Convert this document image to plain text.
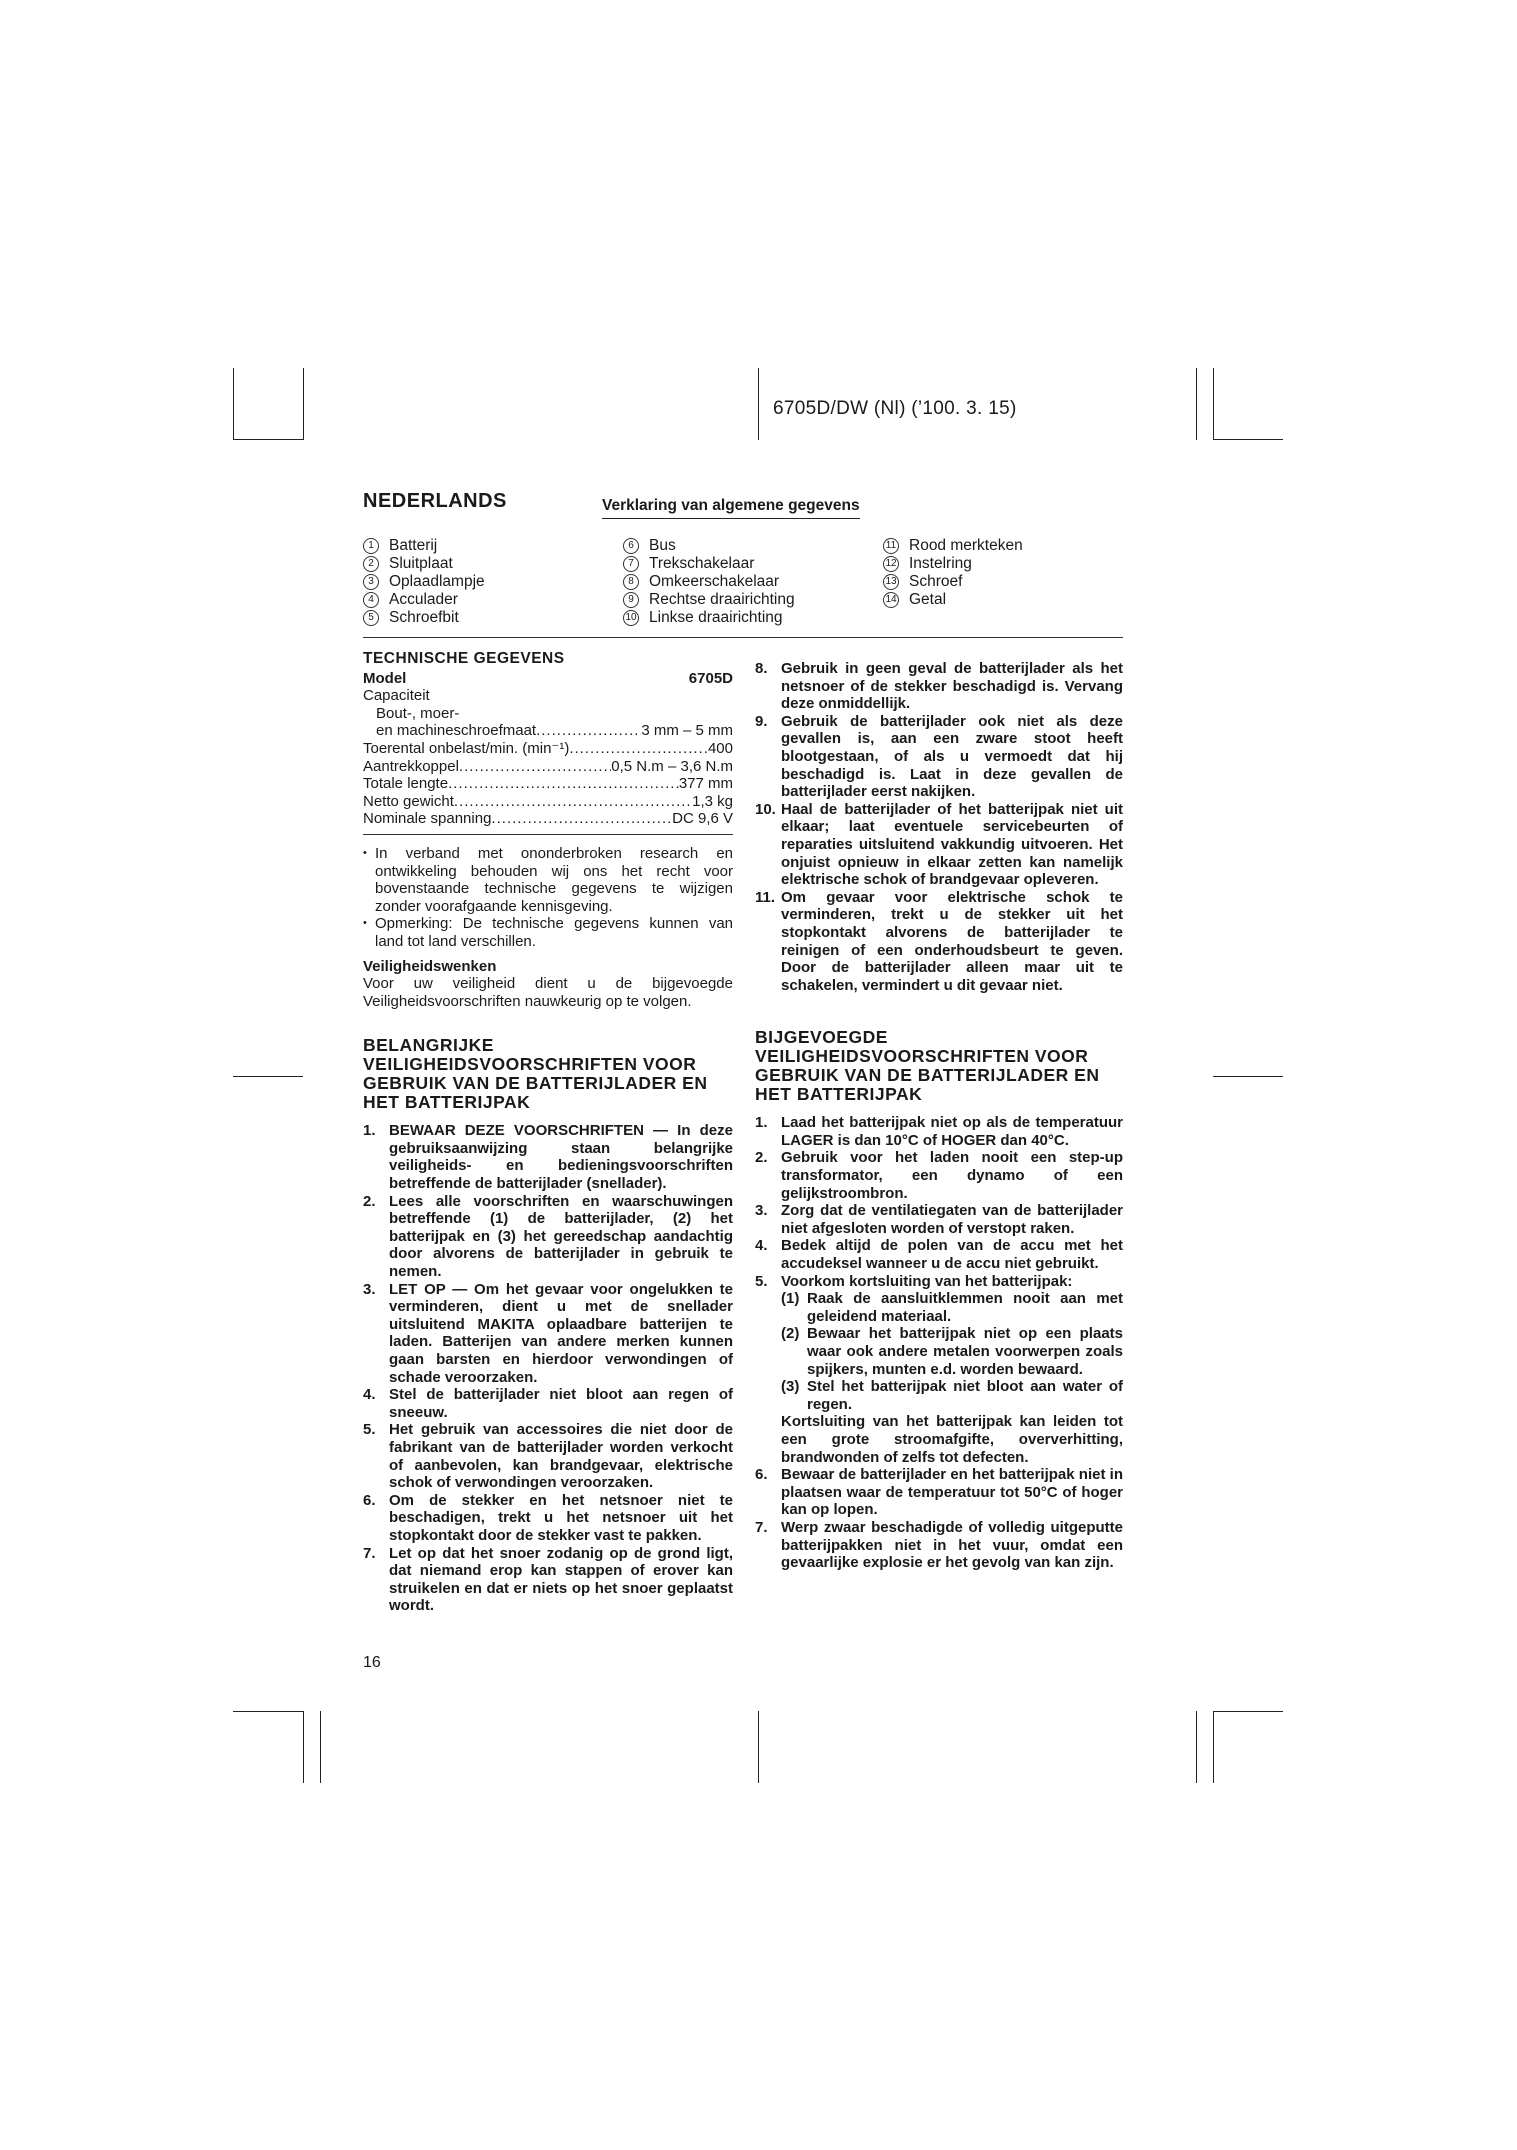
6705D/DW (Nl) (’100. 3. 15)
NEDERLANDS	Verklaring van algemene gegevens
1 Batterij
2 Sluitplaat
3 Oplaadlampje
4 Acculader
5 Schroefbit
6 Bus
7 Trekschakelaar
8 Omkeerschakelaar
9 Rechtse draairichting
10 Linkse draairichting
11 Rood merkteken
12 Instelring
13 Schroef
14 Getal
TECHNISCHE GEGEVENS
Model	6705D
Capaciteit
Bout-, moer-
en machineschroefmaat .....	3 mm – 5 mm
Toerental onbelast/min. (min⁻¹) .....	400
Aantrekkoppel .....	0,5 N.m – 3,6 N.m
Totale lengte .....	377 mm
Netto gewicht .....	1,3 kg
Nominale spanning .....	DC 9,6 V
• In verband met ononderbroken research en ontwikkeling behouden wij ons het recht voor bovenstaande technische gegevens te wijzigen zonder voorafgaande kennisgeving.
• Opmerking: De technische gegevens kunnen van land tot land verschillen.
Veiligheidswenken
Voor uw veiligheid dient u de bijgevoegde Veiligheidsvoorschriften nauwkeurig op te volgen.
BELANGRIJKE VEILIGHEIDSVOORSCHRIFTEN VOOR GEBRUIK VAN DE BATTERIJLADER EN HET BATTERIJPAK
1. BEWAAR DEZE VOORSCHRIFTEN — In deze gebruiksaanwijzing staan belangrijke veiligheids- en bedieningsvoorschriften betreffende de batterijlader (snellader).
2. Lees alle voorschriften en waarschuwingen betreffende (1) de batterijlader, (2) het batterijpak en (3) het gereedschap aandachtig door alvorens de batterijlader in gebruik te nemen.
3. LET OP — Om het gevaar voor ongelukken te verminderen, dient u met de snellader uitsluitend MAKITA oplaadbare batterijen te laden. Batterijen van andere merken kunnen gaan barsten en hierdoor verwondingen of schade veroorzaken.
4. Stel de batterijlader niet bloot aan regen of sneeuw.
5. Het gebruik van accessoires die niet door de fabrikant van de batterijlader worden verkocht of aanbevolen, kan brandgevaar, elektrische schok of verwondingen veroorzaken.
6. Om de stekker en het netsnoer niet te beschadigen, trekt u het netsnoer uit het stopkontakt door de stekker vast te pakken.
7. Let op dat het snoer zodanig op de grond ligt, dat niemand erop kan stappen of erover kan struikelen en dat er niets op het snoer geplaatst wordt.
8. Gebruik in geen geval de batterijlader als het netsnoer of de stekker beschadigd is. Vervang deze onmiddellijk.
9. Gebruik de batterijlader ook niet als deze gevallen is, aan een zware stoot heeft blootgestaan, of als u vermoedt dat hij beschadigd is. Laat in deze gevallen de batterijlader eerst nakijken.
10. Haal de batterijlader of het batterijpak niet uit elkaar; laat eventuele servicebeurten of reparaties uitsluitend vakkundig uitvoeren. Het onjuist opnieuw in elkaar zetten kan namelijk elektrische schok of brandgevaar opleveren.
11. Om gevaar voor elektrische schok te verminderen, trekt u de stekker uit het stopkontakt alvorens de batterijlader te reinigen of een onderhoudsbeurt te geven. Door de batterijlader alleen maar uit te schakelen, vermindert u dit gevaar niet.
BIJGEVOEGDE VEILIGHEIDSVOORSCHRIFTEN VOOR GEBRUIK VAN DE BATTERIJLADER EN HET BATTERIJPAK
1. Laad het batterijpak niet op als de temperatuur LAGER is dan 10°C of HOGER dan 40°C.
2. Gebruik voor het laden nooit een step-up transformator, een dynamo of een gelijkstroombron.
3. Zorg dat de ventilatiegaten van de batterijlader niet afgesloten worden of verstopt raken.
4. Bedek altijd de polen van de accu met het accudeksel wanneer u de accu niet gebruikt.
5. Voorkom kortsluiting van het batterijpak:
(1) Raak de aansluitklemmen nooit aan met geleidend materiaal.
(2) Bewaar het batterijpak niet op een plaats waar ook andere metalen voorwerpen zoals spijkers, munten e.d. worden bewaard.
(3) Stel het batterijpak niet bloot aan water of regen.
Kortsluiting van het batterijpak kan leiden tot een grote stroomafgifte, oververhitting, brandwonden of zelfs tot defecten.
6. Bewaar de batterijlader en het batterijpak niet in plaatsen waar de temperatuur tot 50°C of hoger kan op lopen.
7. Werp zwaar beschadigde of volledig uitgeputte batterijpakken niet in het vuur, omdat een gevaarlijke explosie er het gevolg van kan zijn.
16
